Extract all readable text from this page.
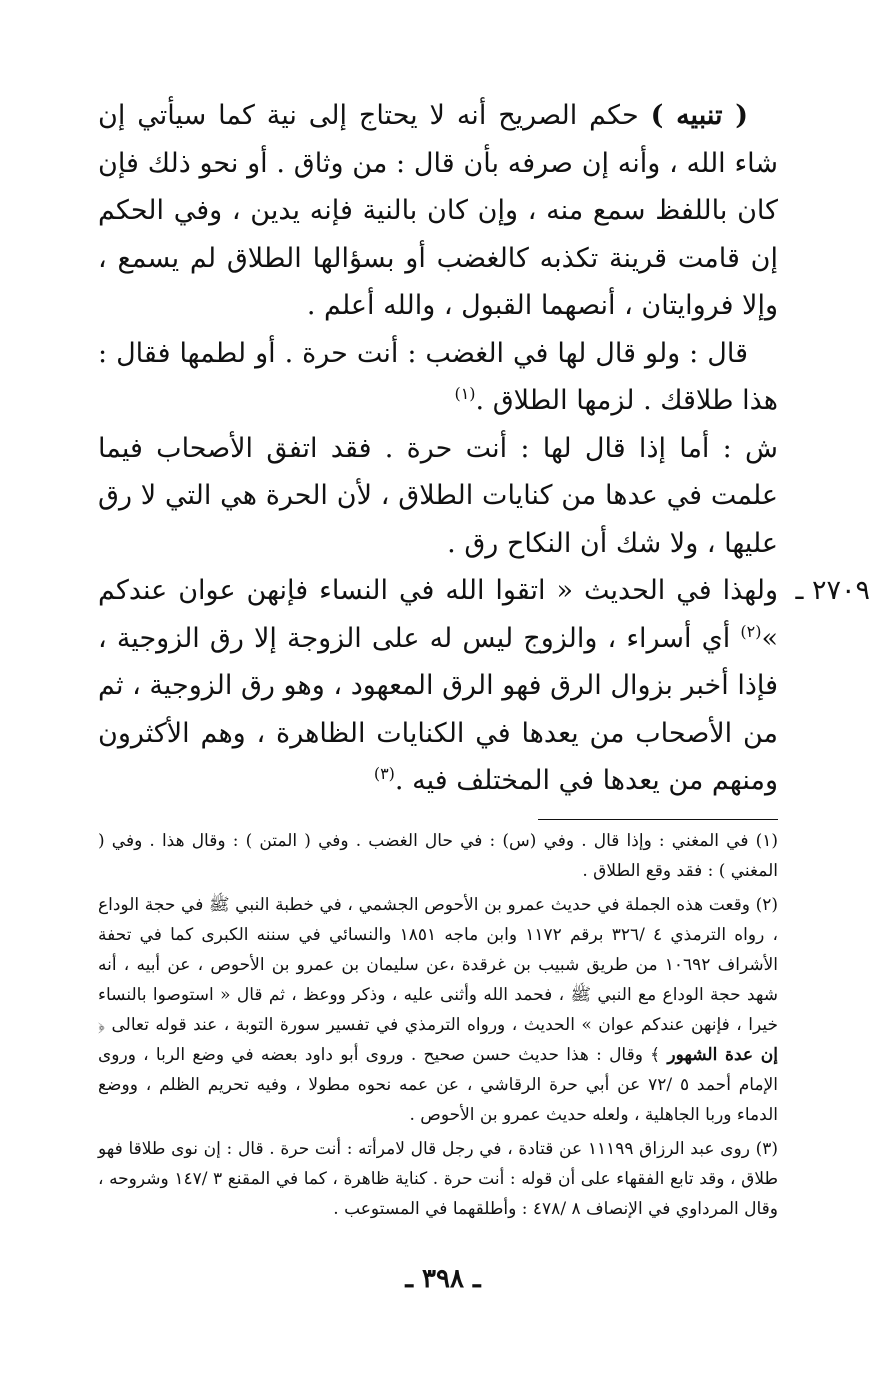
( تنبيه ) حكم الصريح أنه لا يحتاج إلى نية كما سيأتي إن شاء الله ، وأنه إن صرفه بأن قال : من وثاق . أو نحو ذلك فإن كان باللفظ سمع منه ، وإن كان بالنية فإنه يدين ، وفي الحكم إن قامت قرينة تكذبه كالغضب أو بسؤالها الطلاق لم يسمع ، وإلا فروايتان ، أنصهما القبول ، والله أعلم .

قال : ولو قال لها في الغضب : أنت حرة . أو لطمها فقال : هذا طلاقك . لزمها الطلاق .$^{(١)}$

ش : أما إذا قال لها : أنت حرة . فقد اتفق الأصحاب فيما علمت في عدها من كنايات الطلاق ، لأن الحرة هي التي لا رق عليها ، ولا شك أن النكاح رق .

٢٧٠٩ ـ
ولهذا في الحديث « اتقوا الله في النساء فإنهن عوان عندكم »$^{(٢)}$ أي أسراء ، والزوج ليس له على الزوجة إلا رق الزوجية ، فإذا أخبر بزوال الرق فهو الرق المعهود ، وهو رق الزوجية ، ثم من الأصحاب من يعدها في الكنايات الظاهرة ، وهم الأكثرون ومنهم من يعدها في المختلف فيه .$^{(٣)}$

(١) في المغني : وإذا قال . وفي (س) : في حال الغضب . وفي ( المتن ) : وقال هذا . وفي ( المغني ) : فقد وقع الطلاق .

(٢) وقعت هذه الجملة في حديث عمرو بن الأحوص الجشمي ، في خطبة النبي ﷺ في حجة الوداع ، رواه الترمذي ٤ /٣٢٦ برقم ١١٧٢ وابن ماجه ١٨٥١ والنسائي في سننه الكبرى كما في تحفة الأشراف ١٠٦٩٢ من طريق شبيب بن غرقدة ،عن سليمان بن عمرو بن الأحوص ، عن أبيه ، أنه شهد حجة الوداع مع النبي ﷺ ، فحمد الله وأثنى عليه ، وذكر ووعظ ، ثم قال « استوصوا بالنساء خيرا ، فإنهن عندكم عوان » الحديث ، ورواه الترمذي في تفسير سورة التوبة ، عند قوله تعالى ﴿ إن عدة الشهور ﴾ وقال : هذا حديث حسن صحيح . وروى أبو داود بعضه في وضع الربا ، وروى الإمام أحمد ٥ /٧٢ عن أبي حرة الرقاشي ، عن عمه نحوه مطولا ، وفيه تحريم الظلم ، ووضع الدماء وربا الجاهلية ، ولعله حديث عمرو بن الأحوص .

(٣) روى عبد الرزاق ١١١٩٩ عن قتادة ، في رجل قال لامرأته : أنت حرة . قال : إن نوى طلاقا فهو طلاق ، وقد تابع الفقهاء على أن قوله : أنت حرة . كناية ظاهرة ، كما في المقنع ٣ /١٤٧ وشروحه ، وقال المرداوي في الإنصاف ٨ /٤٧٨ : وأطلقهما في المستوعب .

ـ ٣٩٨ ـ
